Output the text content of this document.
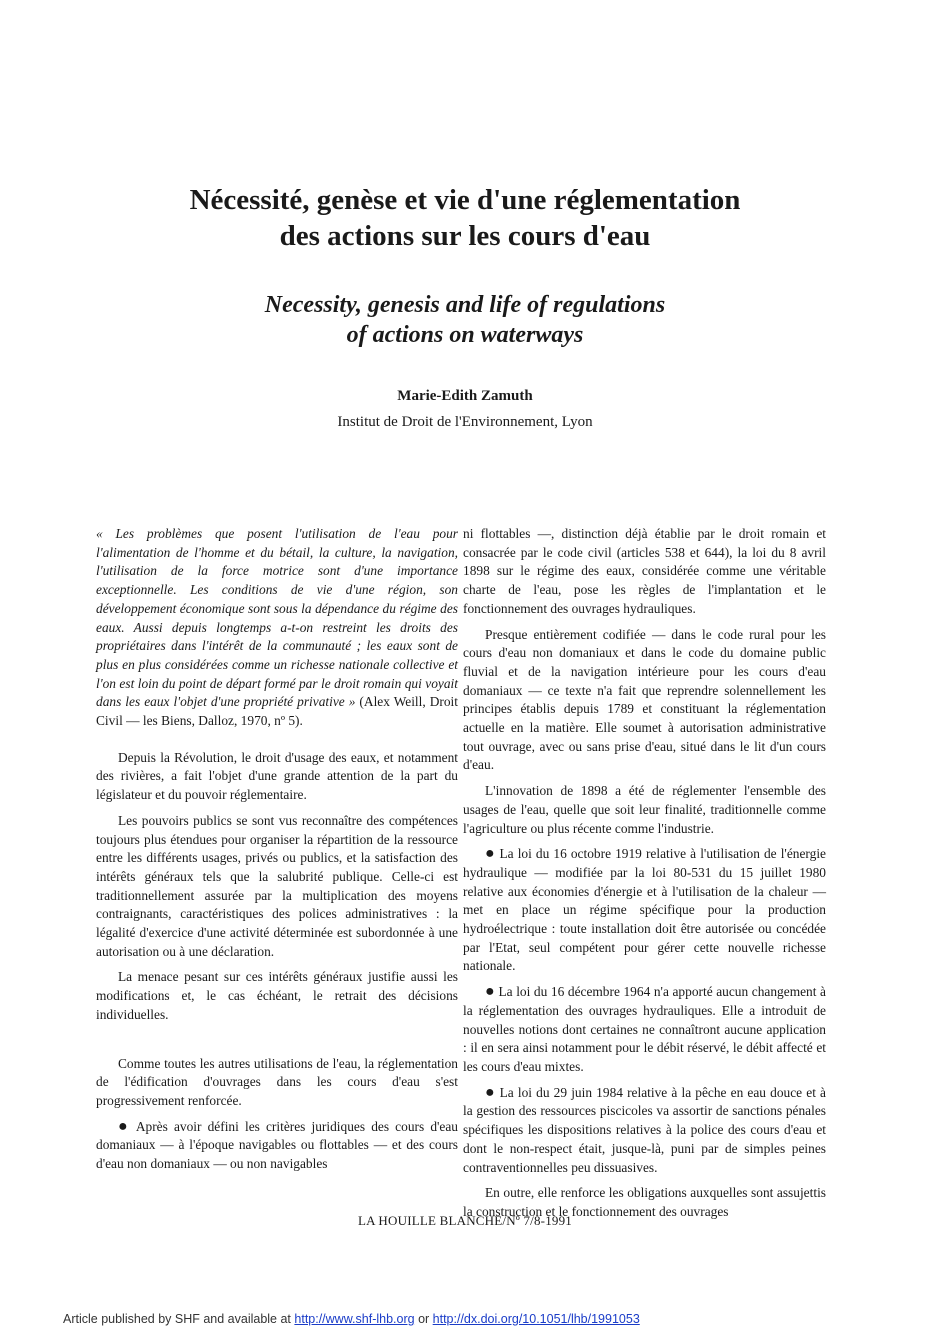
Nécessité, genèse et vie d'une réglementation
des actions sur les cours d'eau
Necessity, genesis and life of regulations
of actions on waterways
Marie-Edith Zamuth
Institut de Droit de l'Environnement, Lyon

« Les problèmes que posent l'utilisation de l'eau pour l'alimentation de l'homme et du bétail, la culture, la navigation, l'utilisation de la force motrice sont d'une importance exceptionnelle. Les conditions de vie d'une région, son développement économique sont sous la dépendance du régime des eaux. Aussi depuis longtemps a-t-on restreint les droits des propriétaires dans l'intérêt de la communauté ; les eaux sont de plus en plus considérées comme un richesse nationale collective et l'on est loin du point de départ formé par le droit romain qui voyait dans les eaux l'objet d'une propriété privative » (Alex Weill, Droit Civil — les Biens, Dalloz, 1970, nº 5).

Depuis la Révolution, le droit d'usage des eaux, et notamment des rivières, a fait l'objet d'une grande attention de la part du législateur et du pouvoir réglementaire.

Les pouvoirs publics se sont vus reconnaître des compétences toujours plus étendues pour organiser la répartition de la ressource entre les différents usages, privés ou publics, et la satisfaction des intérêts généraux tels que la salubrité publique. Celle-ci est traditionnellement assurée par la multiplication des moyens contraignants, caractéristiques des polices administratives : la légalité d'exercice d'une activité déterminée est subordonnée à une autorisation ou à une déclaration.

La menace pesant sur ces intérêts généraux justifie aussi les modifications et, le cas échéant, le retrait des décisions individuelles.

Comme toutes les autres utilisations de l'eau, la réglementation de l'édification d'ouvrages dans les cours d'eau s'est progressivement renforcée.

● Après avoir défini les critères juridiques des cours d'eau domaniaux — à l'époque navigables ou flottables — et des cours d'eau non domaniaux — ou non navigables

ni flottables —, distinction déjà établie par le droit romain et consacrée par le code civil (articles 538 et 644), la loi du 8 avril 1898 sur le régime des eaux, considérée comme une véritable charte de l'eau, pose les règles de l'implantation et le fonctionnement des ouvrages hydrauliques.

Presque entièrement codifiée — dans le code rural pour les cours d'eau non domaniaux et dans le code du domaine public fluvial et de la navigation intérieure pour les cours d'eau domaniaux — ce texte n'a fait que reprendre solennellement les principes établis depuis 1789 et constituant la réglementation actuelle en la matière. Elle soumet à autorisation administrative tout ouvrage, avec ou sans prise d'eau, situé dans le lit d'un cours d'eau.

L'innovation de 1898 a été de réglementer l'ensemble des usages de l'eau, quelle que soit leur finalité, traditionnelle comme l'agriculture ou plus récente comme l'industrie.

● La loi du 16 octobre 1919 relative à l'utilisation de l'énergie hydraulique — modifiée par la loi 80-531 du 15 juillet 1980 relative aux économies d'énergie et à l'utilisation de la chaleur — met en place un régime spécifique pour la production hydroélectrique : toute installation doit être autorisée ou concédée par l'Etat, seul compétent pour gérer cette nouvelle richesse nationale.

● La loi du 16 décembre 1964 n'a apporté aucun changement à la réglementation des ouvrages hydrauliques. Elle a introduit de nouvelles notions dont certaines ne connaîtront aucune application : il en sera ainsi notamment pour le débit réservé, le débit affecté et les cours d'eau mixtes.

● La loi du 29 juin 1984 relative à la pêche en eau douce et à la gestion des ressources piscicoles va assortir de sanctions pénales spécifiques les dispositions relatives à la police des cours d'eau et dont le non-respect était, jusque-là, puni par de simples peines contraventionnelles peu dissuasives.

En outre, elle renforce les obligations auxquelles sont assujettis la construction et le fonctionnement des ouvrages

LA HOUILLE BLANCHE/Nº 7/8-1991
Article published by SHF and available at http://www.shf-lhb.org or http://dx.doi.org/10.1051/lhb/1991053
